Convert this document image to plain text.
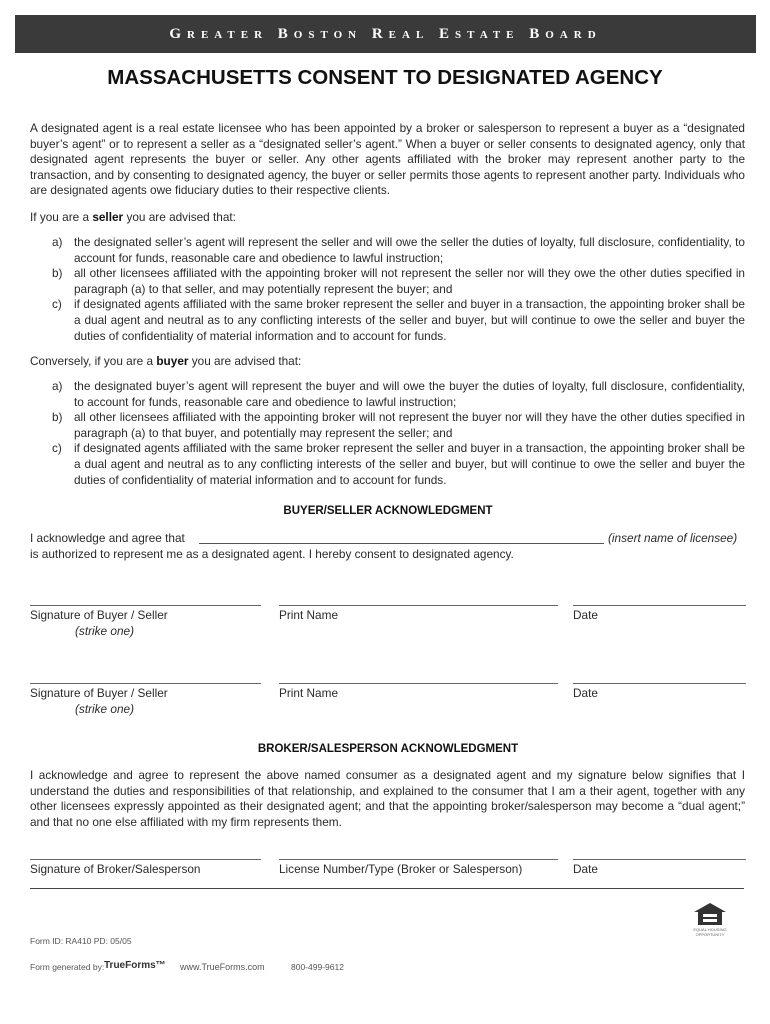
Greater Boston Real Estate Board
MASSACHUSETTS CONSENT TO DESIGNATED AGENCY
A designated agent is a real estate licensee who has been appointed by a broker or salesperson to represent a buyer as a “designated buyer’s agent” or to represent a seller as a “designated seller’s agent.” When a buyer or seller consents to designated agency, only that designated agent represents the buyer or seller. Any other agents affiliated with the broker may represent another party to the transaction, and by consenting to designated agency, the buyer or seller permits those agents to represent another party. Individuals who are designated agents owe fiduciary duties to their respective clients.
If you are a seller you are advised that:
a) the designated seller’s agent will represent the seller and will owe the seller the duties of loyalty, full disclosure, confidentiality, to account for funds, reasonable care and obedience to lawful instruction;
b) all other licensees affiliated with the appointing broker will not represent the seller nor will they owe the other duties specified in paragraph (a) to that seller, and may potentially represent the buyer; and
c)	if designated agents affiliated with the same broker represent the seller and buyer in a transaction, the appointing broker shall be a dual agent and neutral as to any conflicting interests of the seller and buyer, but will continue to owe the seller and buyer the duties of confidentiality of material information and to account for funds.
Conversely, if you are a buyer you are advised that:
a) the designated buyer’s agent will represent the buyer and will owe the buyer the duties of loyalty, full disclosure, confidentiality, to account for funds, reasonable care and obedience to lawful instruction;
b) all other licensees affiliated with the appointing broker will not represent the buyer nor will they have the other duties specified in paragraph (a) to that buyer, and potentially may represent the seller; and
c)	if designated agents affiliated with the same broker represent the seller and buyer in a transaction, the appointing broker shall be a dual agent and neutral as to any conflicting interests of the seller and buyer, but will continue to owe the seller and buyer the duties of confidentiality of material information and to account for funds.
BUYER/SELLER ACKNOWLEDGMENT
I acknowledge and agree that	(insert name of licensee)
is authorized to represent me as a designated agent. I hereby consent to designated agency.
Signature of Buyer / Seller
(strike one)
Print Name	Date
Signature of Buyer / Seller
(strike one)
Print Name	Date
BROKER/SALESPERSON ACKNOWLEDGMENT
I acknowledge and agree to represent the above named consumer as a designated agent and my signature below signifies that I understand the duties and responsibilities of that relationship, and explained to the consumer that I am a their agent, together with any other licensees expressly appointed as their designated agent; and that the appointing broker/salesperson may become a “dual agent;” and that no one else affiliated with my firm represents them.
Signature of Broker/Salesperson	License Number/Type (Broker or Salesperson)	Date
EQUAL HOUSING OPPORTUNITY
Form ID: RA410 PD: 05/05
Form generated by: TrueForms™ www.TrueForms.com	800-499-9612
